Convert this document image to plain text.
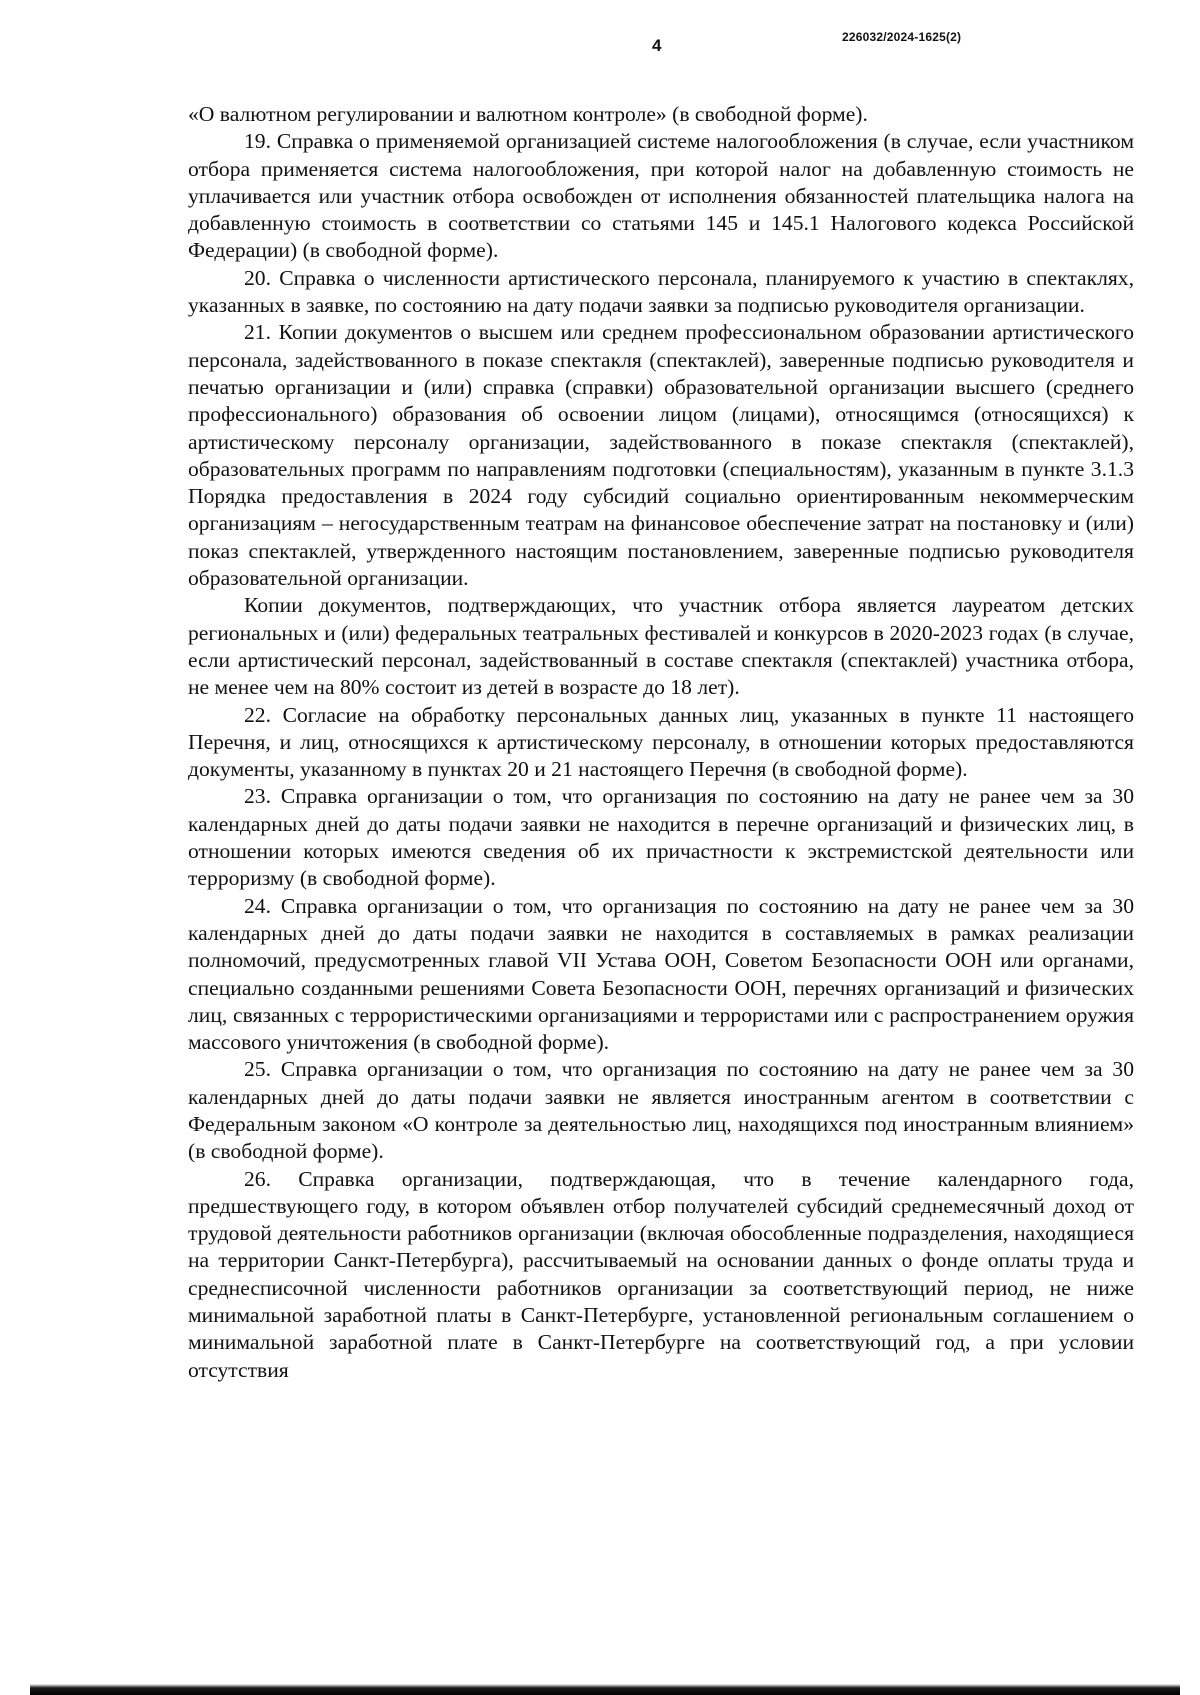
4	226032/2024-1625(2)

«О валютном регулировании и валютном контроле» (в свободной форме).

19. Справка о применяемой организацией системе налогообложения (в случае, если участником отбора применяется система налогообложения, при которой налог на добавленную стоимость не уплачивается или участник отбора освобожден от исполнения обязанностей плательщика налога на добавленную стоимость в соответствии со статьями 145 и 145.1 Налогового кодекса Российской Федерации) (в свободной форме).

20. Справка о численности артистического персонала, планируемого к участию в спектаклях, указанных в заявке, по состоянию на дату подачи заявки за подписью руководителя организации.

21. Копии документов о высшем или среднем профессиональном образовании артистического персонала, задействованного в показе спектакля (спектаклей), заверенные подписью руководителя и печатью организации и (или) справка (справки) образовательной организации высшего (среднего профессионального) образования об освоении лицом (лицами), относящимся (относящихся) к артистическому персоналу организации, задействованного в показе спектакля (спектаклей), образовательных программ по направлениям подготовки (специальностям), указанным в пункте 3.1.3 Порядка предоставления в 2024 году субсидий социально ориентированным некоммерческим организациям – негосударственным театрам на финансовое обеспечение затрат на постановку и (или) показ спектаклей, утвержденного настоящим постановлением, заверенные подписью руководителя образовательной организации.

Копии документов, подтверждающих, что участник отбора является лауреатом детских региональных и (или) федеральных театральных фестивалей и конкурсов в 2020-2023 годах (в случае, если артистический персонал, задействованный в составе спектакля (спектаклей) участника отбора, не менее чем на 80% состоит из детей в возрасте до 18 лет).

22. Согласие на обработку персональных данных лиц, указанных в пункте 11 настоящего Перечня, и лиц, относящихся к артистическому персоналу, в отношении которых предоставляются документы, указанному в пунктах 20 и 21 настоящего Перечня (в свободной форме).

23. Справка организации о том, что организация по состоянию на дату не ранее чем за 30 календарных дней до даты подачи заявки не находится в перечне организаций и физических лиц, в отношении которых имеются сведения об их причастности к экстремистской деятельности или терроризму (в свободной форме).

24. Справка организации о том, что организация по состоянию на дату не ранее чем за 30 календарных дней до даты подачи заявки не находится в составляемых в рамках реализации полномочий, предусмотренных главой VII Устава ООН, Советом Безопасности ООН или органами, специально созданными решениями Совета Безопасности ООН, перечнях организаций и физических лиц, связанных с террористическими организациями и террористами или с распространением оружия массового уничтожения (в свободной форме).

25. Справка организации о том, что организация по состоянию на дату не ранее чем за 30 календарных дней до даты подачи заявки не является иностранным агентом в соответствии с Федеральным законом «О контроле за деятельностью лиц, находящихся под иностранным влиянием» (в свободной форме).

26. Справка организации, подтверждающая, что в течение календарного года, предшествующего году, в котором объявлен отбор получателей субсидий среднемесячный доход от трудовой деятельности работников организации (включая обособленные подразделения, находящиеся на территории Санкт-Петербурга), рассчитываемый на основании данных о фонде оплаты труда и среднесписочной численности работников организации за соответствующий период, не ниже минимальной заработной платы в Санкт-Петербурге, установленной региональным соглашением о минимальной заработной плате в Санкт-Петербурге на соответствующий год, а при условии отсутствия
